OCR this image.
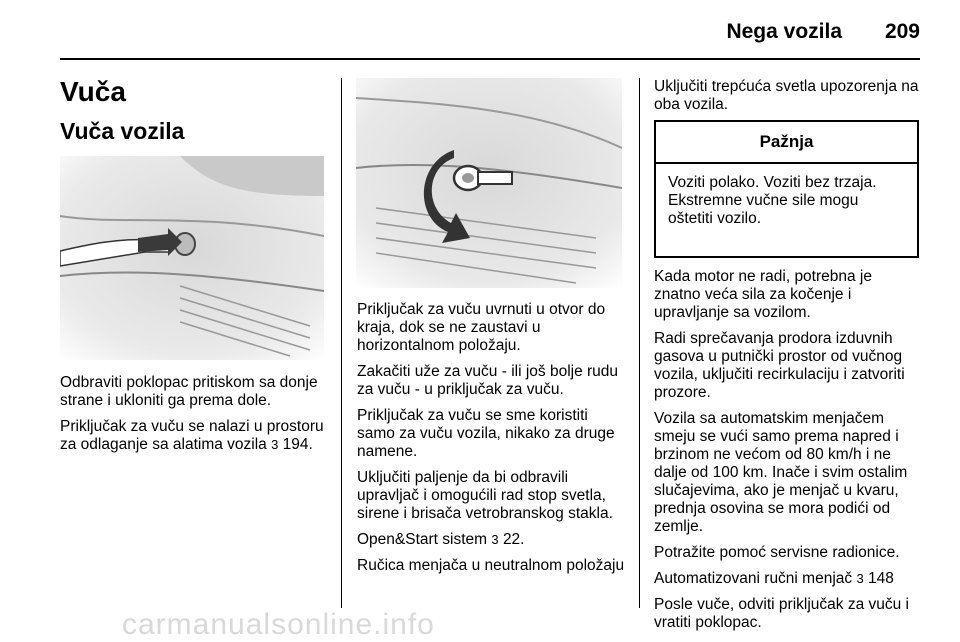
Nega vozila 209
Vuča
Vuča vozila

Odbraviti poklopac pritiskom sa donje strane i ukloniti ga prema dole.

Priključak za vuču se nalazi u prostoru za odlaganje sa alatima vozila 3 194.

Priključak za vuču uvrnuti u otvor do kraja, dok se ne zaustavi u horizontalnom položaju.

Zakačiti uže za vuču - ili još bolje rudu za vuču - u priključak za vuču.

Priključak za vuču se sme koristiti samo za vuču vozila, nikako za druge namene.

Uključiti paljenje da bi odbravili upravljač i omogućili rad stop svetla, sirene i brisača vetrobranskog stakla.

Open&Start sistem 3 22.

Ručica menjača u neutralnom položaju

Uključiti trepćuća svetla upozorenja na oba vozila.

Pažnja
Voziti polako. Voziti bez trzaja. Ekstremne vučne sile mogu oštetiti vozilo.

Kada motor ne radi, potrebna je znatno veća sila za kočenje i upravljanje sa vozilom.

Radi sprečavanja prodora izduvnih gasova u putnički prostor od vučnog vozila, uključiti recirkulaciju i zatvoriti prozore.

Vozila sa automatskim menjačem smeju se vući samo prema napred i brzinom ne većom od 80 km/h i ne dalje od 100 km. Inače i svim ostalim slučajevima, ako je menjač u kvaru, prednja osovina se mora podići od zemlje.

Potražite pomoć servisne radionice.

Automatizovani ručni menjač 3 148

Posle vuče, odviti priključak za vuču i vratiti poklopac.

carmanualsonline.info
